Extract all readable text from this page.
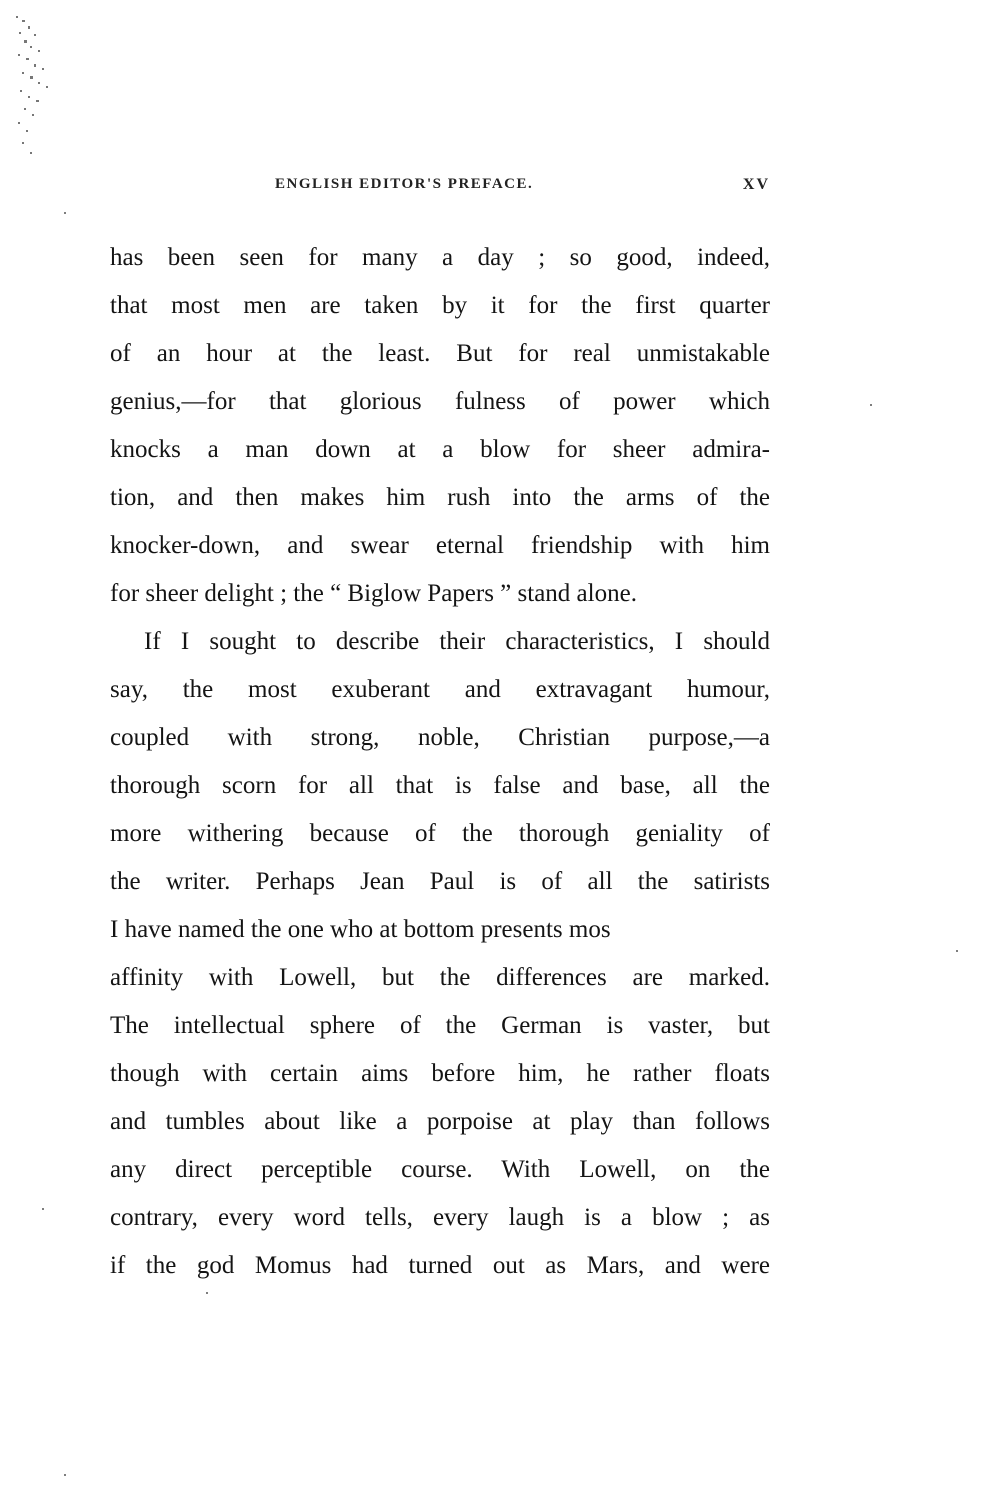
ENGLISH EDITOR'S PREFACE.	XV
has been seen for many a day ; so good, indeed,
that most men are taken by it for the first quarter
of an hour at the least. But for real unmistakable
genius,—for that glorious fulness of power which
knocks a man down at a blow for sheer admira-
tion, and then makes him rush into the arms of the
knocker-down, and swear eternal friendship with him
for sheer delight ; the “ Biglow Papers ” stand alone.
If I sought to describe their characteristics, I should
say, the most exuberant and extravagant humour,
coupled with strong, noble, Christian purpose,—a
thorough scorn for all that is false and base, all the
more withering because of the thorough geniality of
the writer. Perhaps Jean Paul is of all the satirists
I have named the one who at bottom presents mos
affinity with Lowell, but the differences are marked.
The intellectual sphere of the German is vaster, but
though with certain aims before him, he rather floats
and tumbles about like a porpoise at play than follows
any direct perceptible course. With Lowell, on the
contrary, every word tells, every laugh is a blow ; as
if the god Momus had turned out as Mars, and were
